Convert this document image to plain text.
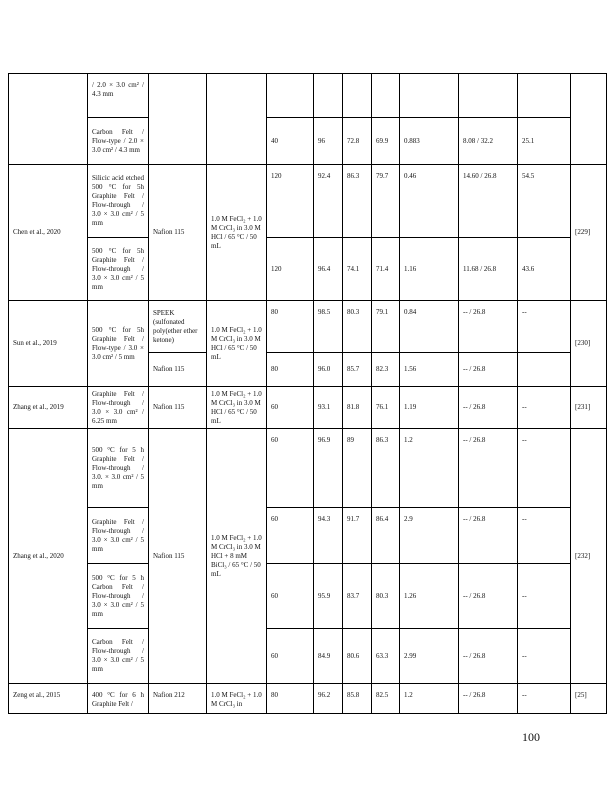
	/ 2.0 × 3.0 cm² / 4.3 mm										
	Carbon Felt / Flow-type / 2.0 × 3.0 cm² / 4.3 mm			40	96	72.8	69.9	0.883	8.08 / 32.2	25.1	
Chen et al., 2020	Silicic acid etched 500 °C for 5h Graphite Felt / Flow-through / 3.0 × 3.0 cm² / 5 mm	Nafion 115	1.0 M FeCl₂ + 1.0 M CrCl₃ in 3.0 M HCl / 65 °C / 50 mL	120	92.4	86.3	79.7	0.46	14.60 / 26.8	54.5	[229]
	500 °C for 5h Graphite Felt / Flow-through / 3.0 × 3.0 cm² / 5 mm			120	96.4	74.1	71.4	1.16	11.68 / 26.8	43.6	
Sun et al., 2019	500 °C for 5h Graphite Felt / Flow-type / 3.0 × 3.0 cm² / 5 mm	SPEEK (sulfonated poly(ether ether ketone)	1.0 M FeCl₂ + 1.0 M CrCl₃ in 3.0 M HCl / 65 °C / 50 mL	80	98.5	80.3	79.1	0.84	-- / 26.8	--	[230]
		Nafion 115		80	96.0	85.7	82.3	1.56	-- / 26.8		
Zhang et al., 2019	Graphite Felt / Flow-through / 3.0 × 3.0 cm² / 6.25 mm	Nafion 115	1.0 M FeCl₂ + 1.0 M CrCl₃ in 3.0 M HCl / 65 °C / 50 mL	60	93.1	81.8	76.1	1.19	-- / 26.8	--	[231]
Zhang et al., 2020	500 °C for 5 h Graphite Felt / Flow-through / 3.0. × 3.0 cm² / 5 mm	Nafion 115	1.0 M FeCl₂ + 1.0 M CrCl₃ in 3.0 M HCl + 8 mM BiCl₃ / 65 °C / 50 mL	60	96.9	89	86.3	1.2	-- / 26.8	--	[232]
	Graphite Felt / Flow-through / 3.0 × 3.0 cm² / 5 mm			60	94.3	91.7	86.4	2.9	-- / 26.8	--	
	500 °C for 5 h Carbon Felt / Flow-through / 3.0 × 3.0 cm² / 5 mm			60	95.9	83.7	80.3	1.26	-- / 26.8	--	
	Carbon Felt / Flow-through / 3.0 × 3.0 cm² / 5 mm			60	84.9	80.6	63.3	2.99	-- / 26.8	--	
Zeng et al., 2015	400 °C for 6 h Graphite Felt /	Nafion 212	1.0 M FeCl₂ + 1.0 M CrCl₃ in	80	96.2	85.8	82.5	1.2	-- / 26.8	--	[25]
100
